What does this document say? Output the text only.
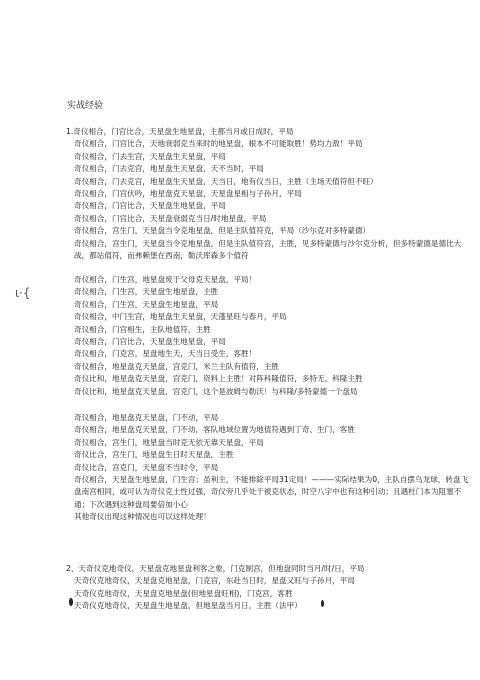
ι·{
实战经验
1.奇仪相合，门宫比合，天星盘生地星盘，主都当月或日成时，平局
奇仪相合，门宫比合，天地衰弱克当来时的地星盘，根本不可能取胜！势均力敌！平局
奇仪相合，门去生宫，天星盘生天星盘，平局
奇仪相合，门去克宫，地星盘生天星盘，天不当时，平局
奇仪相合，门去克宫，地星盘生天星盘，天当日，地有仪当日，主胜（主场天值符但不旺）
奇仪相合，门宫伏吟，地星盘克天星盘，天星盘星相与子孙月，平局
奇仪相合，门宫比合，天星盘生地星盘，平局
奇仪相合，门宫比合，天星盘衰弱克当日/时地星盘，平局
奇仪相合，宫生门，天星盘当令克地星盘，但是主队值符克，平局（沙尔克对多特蒙德）
奇仪相合，宫生门，天星盘当令克地星盘，但是主队值符宫，主胜，见多特蒙德与沙尔克分析，但多特蒙德是德比大战，都站值符，而弗赖堡在西南，勒沃库森多个值符
奇仪相合，门生宫，地星盘废于父母克天星盘，平局！
奇仪相合，门生宫，天星盘生地星盘，主胜
奇仪相合，门生宫，天星盘生地星盘，平局
奇仪相合，中门生宫，地星盘生天星盘，天蓬星旺与春月，平局
奇仪相合，门宫相生，主队地值符，主胜
奇仪相合，门宫比合，天星盘生地星盘，平局
奇仪相合，门克宫，星盘地生天，天当日受生，客胜！
奇仪相合，地星盘克天星盘，宫克门，米兰主队有值符，主胜
奇仪比和，地星盘克天星盘，宫克门，资料上主胜！对阵科隆值符，多特无，科隆主胜
奇仪比和，地星盘克天星盘，宫克门，这个是波姆与勒沃！与科隆/多特蒙德一个盘局
奇仪相合，地星盘克天星盘，门不动，平局
奇仪相合，地星盘克天星盘，门不动，客队地域位置为地值符遇到丁奇、生门，客胜
奇仪相合，宫生门，地星盘当时克无依无靠天星盘，平局
奇仪比合，宫生门，地星盘生日时天星盘，主胜
奇仪比合，宫克门，天星盘不当时令，平局
奇仪相合，天星盘生地星盘，门生宫；虽利主，不能排除平局31定局！———实际结果为0，主队自摆乌龙球，转盘飞盘南宫相同，或可认为奇仪克土性过强，奇仪旁几乎处于被克状态，时空八字中也有这种引动；且遇杜门本为阻塞不通；下次遇到这种盘局要倍加小心
其他奇仪出现这种情况也可以这样处理！
2、天奇仪克地奇仪，天星盘克地星盘利客之象，门克制宫，但地盘同时当月/时/日，平局
天奇仪克地奇仪，天星盘克地星盘，门克宫，东赴当日时，星盘又旺与子孙月，平局
天奇仪克地奇仪，天星盘克地星盘(但地星盘旺相)，门克宫，客胜
天奇仪克地奇仪，天星盘生地星盘，但地星盘当月日，主胜（法甲）
